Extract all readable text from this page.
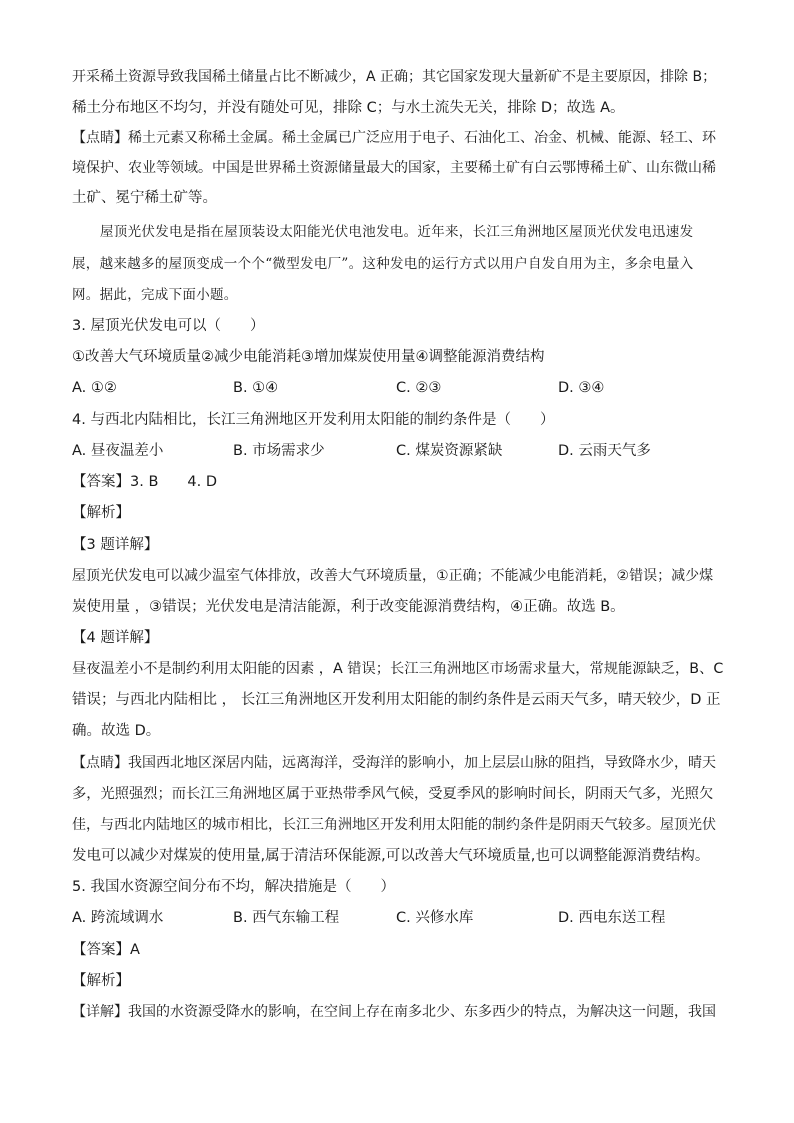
开采稀土资源导致我国稀土储量占比不断减少，A 正确；其它国家发现大量新矿不是主要原因，排除 B；
稀土分布地区不均匀，并没有随处可见，排除 C；与水土流失无关，排除 D；故选 A。
【点睛】稀土元素又称稀土金属。稀土金属已广泛应用于电子、石油化工、冶金、机械、能源、轻工、环
境保护、农业等领域。中国是世界稀土资源储量最大的国家，主要稀土矿有白云鄂博稀土矿、山东微山稀
土矿、冕宁稀土矿等。
屋顶光伏发电是指在屋顶装设太阳能光伏电池发电。近年来，长江三角洲地区屋顶光伏发电迅速发
展，越来越多的屋顶变成一个个“微型发电厂”。这种发电的运行方式以用户自发自用为主，多余电量入
网。据此，完成下面小题。
3. 屋顶光伏发电可以（　　）
①改善大气环境质量②减少电能消耗③增加煤炭使用量④调整能源消费结构
A. ①②	B. ①④	C. ②③	D. ③④
4. 与西北内陆相比，长江三角洲地区开发利用太阳能的制约条件是（　　）
A. 昼夜温差小	B. 市场需求少	C. 煤炭资源紧缺	D. 云雨天气多
【答案】3. B　　4. D
【解析】
【3 题详解】
屋顶光伏发电可以减少温室气体排放，改善大气环境质量，①正确；不能减少电能消耗，②错误；减少煤
炭使用量 ，③错误；光伏发电是清洁能源，利于改变能源消费结构，④正确。故选 B。
【4 题详解】
昼夜温差小不是制约利用太阳能的因素 ，A 错误；长江三角洲地区市场需求量大，常规能源缺乏，B、C
错误；与西北内陆相比 ， 长江三角洲地区开发利用太阳能的制约条件是云雨天气多，晴天较少，D 正
确。故选 D。
【点睛】我国西北地区深居内陆，远离海洋，受海洋的影响小，加上层层山脉的阻挡，导致降水少，晴天
多，光照强烈；而长江三角洲地区属于亚热带季风气候，受夏季风的影响时间长，阴雨天气多，光照欠
佳，与西北内陆地区的城市相比，长江三角洲地区开发利用太阳能的制约条件是阴雨天气较多。屋顶光伏
发电可以减少对煤炭的使用量,属于清洁环保能源,可以改善大气环境质量,也可以调整能源消费结构。
5. 我国水资源空间分布不均，解决措施是（　　）
A. 跨流域调水	B. 西气东输工程	C. 兴修水库	D. 西电东送工程
【答案】A
【解析】
【详解】我国的水资源受降水的影响，在空间上存在南多北少、东多西少的特点，为解决这一问题，我国
